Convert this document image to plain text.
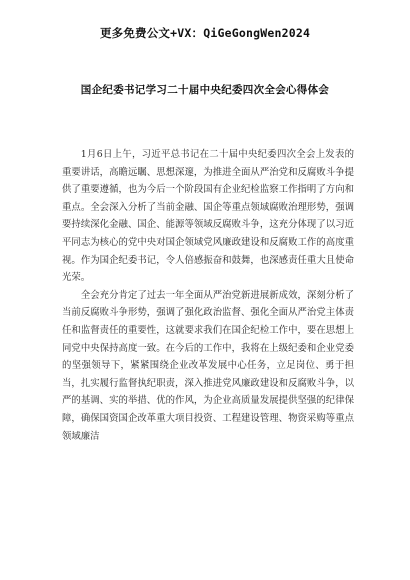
更多免费公文+VX：QiGeGongWen2024
国企纪委书记学习二十届中央纪委四次全会心得体会

1月6日上午，习近平总书记在二十届中央纪委四次全会上发表的重要讲话，高瞻远瞩、思想深邃，为推进全面从严治党和反腐败斗争提供了重要遵循，也为今后一个阶段国有企业纪检监察工作指明了方向和重点。全会深入分析了当前金融、国企等重点领域腐败治理形势，强调要持续深化金融、国企、能源等领域反腐败斗争，这充分体现了以习近平同志为核心的党中央对国企领域党风廉政建设和反腐败工作的高度重视。作为国企纪委书记，令人倍感振奋和鼓舞，也深感责任重大且使命光荣。

全会充分肯定了过去一年全面从严治党新进展新成效，深刻分析了当前反腐败斗争形势，强调了强化政治监督、强化全面从严治党主体责任和监督责任的重要性，这就要求我们在国企纪检工作中，要在思想上同党中央保持高度一致。在今后的工作中，我将在上级纪委和企业党委的坚强领导下，紧紧围绕企业改革发展中心任务，立足岗位、勇于担当，扎实履行监督执纪职责，深入推进党风廉政建设和反腐败斗争，以严的基调、实的举措、优的作风，为企业高质量发展提供坚强的纪律保障，确保国资国企改革重大项目投资、工程建设管理、物资采购等重点领域廉洁
